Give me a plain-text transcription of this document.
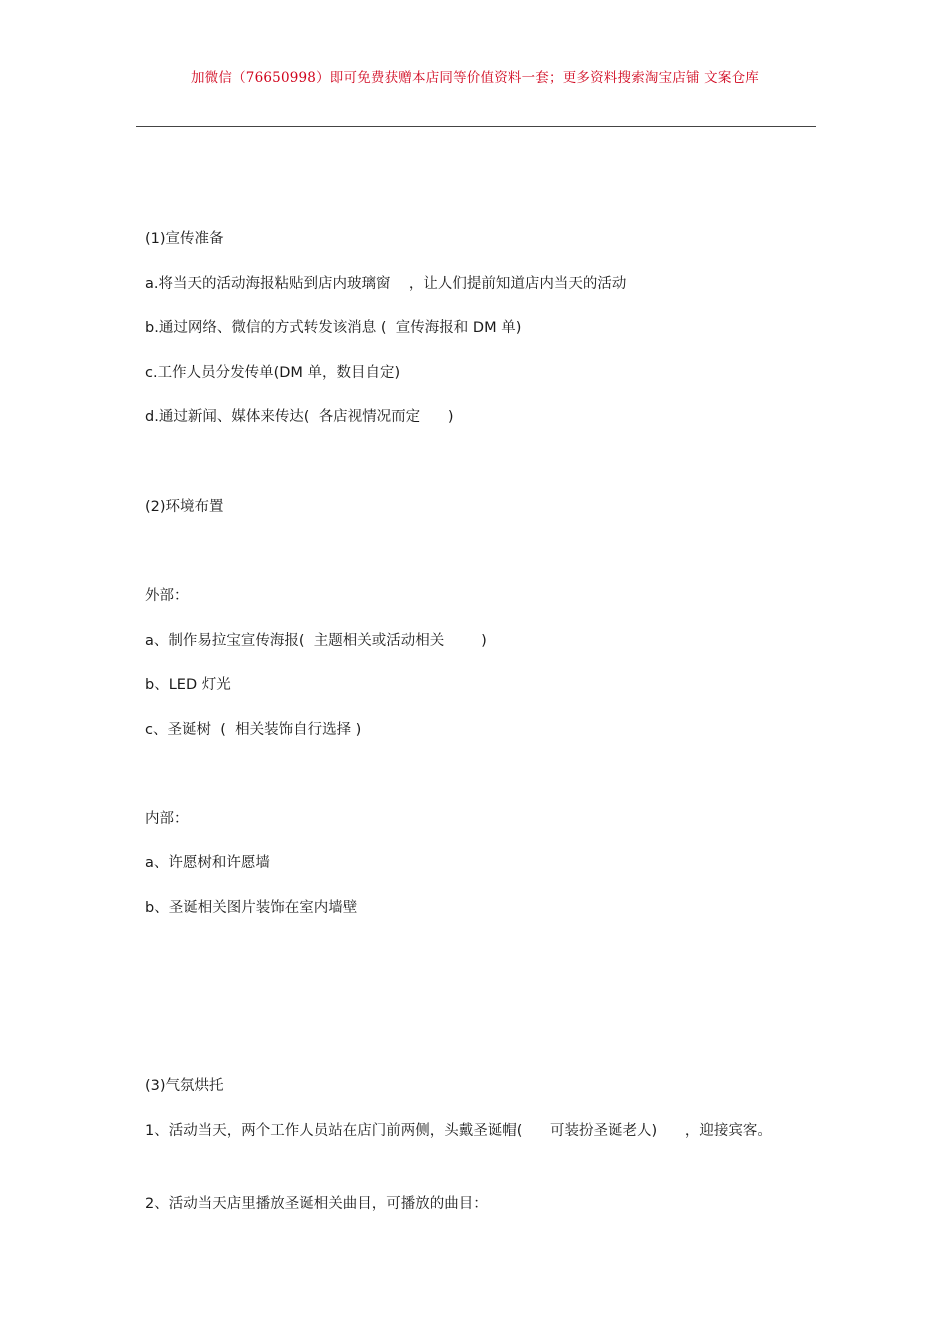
加微信（76650998）即可免费获赠本店同等价值资料一套；更多资料搜索淘宝店铺 文案仓库
(1)宣传准备
a.将当天的活动海报粘贴到店内玻璃窗    ，让人们提前知道店内当天的活动
b.通过网络、微信的方式转发该消息 (  宣传海报和 DM 单)
c.工作人员分发传单(DM 单，数目自定)
d.通过新闻、媒体来传达(  各店视情况而定      )
(2)环境布置
外部：
a、制作易拉宝宣传海报(  主题相关或活动相关        )
b、LED 灯光
c、圣诞树  (  相关装饰自行选择 )
内部：
a、许愿树和许愿墙
b、圣诞相关图片装饰在室内墙壁
(3)气氛烘托
1、活动当天，两个工作人员站在店门前两侧，头戴圣诞帽(      可装扮圣诞老人)      ，迎接宾客。
2、活动当天店里播放圣诞相关曲目，可播放的曲目：
